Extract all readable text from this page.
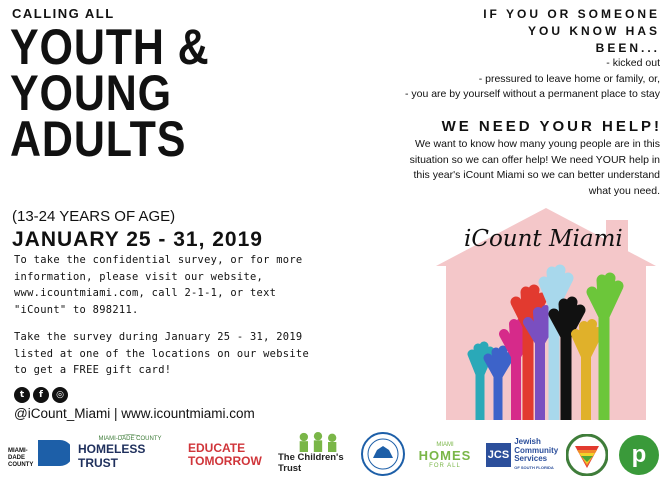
CALLING ALL
YOUTH &
YOUNG
ADULTS
(13-24 YEARS OF AGE)
JANUARY 25 - 31, 2019
To take the confidential survey, or for more
information, please visit our website,
www.icountmiami.com, call 2-1-1, or text
"iCount" to 898211.
Take the survey during January 25 - 31, 2019
listed at one of the locations on our website
to get a FREE gift card!
t	f	◎
@iCount_Miami | www.icountmiami.com
IF YOU OR SOMEONE
YOU KNOW HAS
BEEN...
- kicked out
- pressured to leave home or family, or,
- you are by yourself without a permanent place to stay
WE NEED YOUR HELP!
We want to know how many young people are in this
situation so we can offer help! We need YOUR help in
this year's iCount Miami so we can better understand
what you need.
iCount Miami
MIAMI-DADE COUNTY
MIAMI-DADE COUNTY
HOMELESS TRUST
EDUCATE
TOMORROW	The Children's Trust
MIAMI
HOMES
FOR ALL
JCS
Jewish
Community
Services
OF SOUTH FLORIDA	p
